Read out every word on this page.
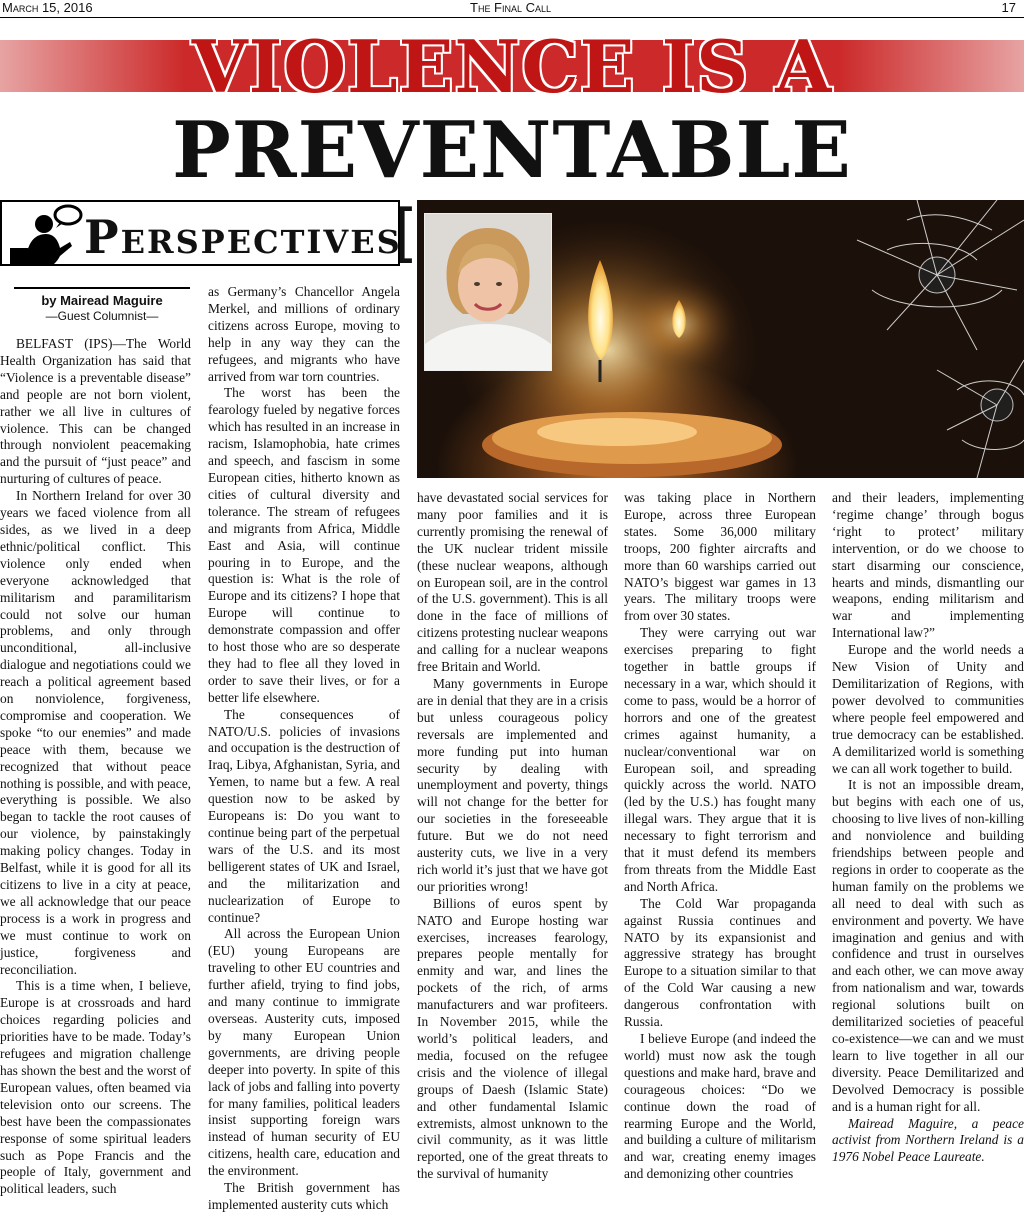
March 15, 2016	The Final Call	17
VIOLENCE IS A
PREVENTABLE
Perspectives
by Mairead Maguire
—Guest Columnist—

BELFAST (IPS)—The World Health Organization has said that “Violence is a preventable disease” and people are not born violent, rather we all live in cultures of violence. This can be changed through nonviolent peacemaking and the pursuit of “just peace” and nurturing of cultures of peace.

In Northern Ireland for over 30 years we faced violence from all sides, as we lived in a deep ethnic/political conflict. This violence only ended when everyone acknowledged that militarism and paramilitarism could not solve our human problems, and only through unconditional, all-inclusive dialogue and negotiations could we reach a political agreement based on nonviolence, forgiveness, compromise and cooperation. We spoke “to our enemies” and made peace with them, because we recognized that without peace nothing is possible, and with peace, everything is possible. We also began to tackle the root causes of our violence, by painstakingly making policy changes. Today in Belfast, while it is good for all its citizens to live in a city at peace, we all acknowledge that our peace process is a work in progress and we must continue to work on justice, forgiveness and reconciliation.

This is a time when, I believe, Europe is at crossroads and hard choices regarding policies and priorities have to be made. Today’s refugees and migration challenge has shown the best and the worst of European values, often beamed via television onto our screens. The best have been the compassionates response of some spiritual leaders such as Pope Francis and the people of Italy, government and political leaders, such

as Germany’s Chancellor Angela Merkel, and millions of ordinary citizens across Europe, moving to help in any way they can the refugees, and migrants who have arrived from war torn countries.

The worst has been the fearology fueled by negative forces which has resulted in an increase in racism, Islamophobia, hate crimes and speech, and fascism in some European cities, hitherto known as cities of cultural diversity and tolerance. The stream of refugees and migrants from Africa, Middle East and Asia, will continue pouring in to Europe, and the question is: What is the role of Europe and its citizens? I hope that Europe will continue to demonstrate compassion and offer to host those who are so desperate they had to flee all they loved in order to save their lives, or for a better life elsewhere.

The consequences of NATO/U.S. policies of invasions and occupation is the destruction of Iraq, Libya, Afghanistan, Syria, and Yemen, to name but a few. A real question now to be asked by Europeans is: Do you want to continue being part of the perpetual wars of the U.S. and its most belligerent states of UK and Israel, and the militarization and nuclearization of Europe to continue?

All across the European Union (EU) young Europeans are traveling to other EU countries and further afield, trying to find jobs, and many continue to immigrate overseas. Austerity cuts, imposed by many European Union governments, are driving people deeper into poverty. In spite of this lack of jobs and falling into poverty for many families, political leaders insist supporting foreign wars instead of human security of EU citizens, health care, education and the environment.

The British government has implemented austerity cuts which

have devastated social services for many poor families and it is currently promising the renewal of the UK nuclear trident missile (these nuclear weapons, although on European soil, are in the control of the U.S. government). This is all done in the face of millions of citizens protesting nuclear weapons and calling for a nuclear weapons free Britain and World.

Many governments in Europe are in denial that they are in a crisis but unless courageous policy reversals are implemented and more funding put into human security by dealing with unemployment and poverty, things will not change for the better for our societies in the foreseeable future. But we do not need austerity cuts, we live in a very rich world it’s just that we have got our priorities wrong!

Billions of euros spent by NATO and Europe hosting war exercises, increases fearology, prepares people mentally for enmity and war, and lines the pockets of the rich, of arms manufacturers and war profiteers. In November 2015, while the world’s political leaders, and media, focused on the refugee crisis and the violence of illegal groups of Daesh (Islamic State) and other fundamental Islamic extremists, almost unknown to the civil community, as it was little reported, one of the great threats to the survival of humanity

was taking place in Northern Europe, across three European states. Some 36,000 military troops, 200 fighter aircrafts and more than 60 warships carried out NATO’s biggest war games in 13 years. The military troops were from over 30 states.

They were carrying out war exercises preparing to fight together in battle groups if necessary in a war, which should it come to pass, would be a horror of horrors and one of the greatest crimes against humanity, a nuclear/conventional war on European soil, and spreading quickly across the world. NATO (led by the U.S.) has fought many illegal wars. They argue that it is necessary to fight terrorism and that it must defend its members from threats from the Middle East and North Africa.

The Cold War propaganda against Russia continues and NATO by its expansionist and aggressive strategy has brought Europe to a situation similar to that of the Cold War causing a new dangerous confrontation with Russia.

I believe Europe (and indeed the world) must now ask the tough questions and make hard, brave and courageous choices: “Do we continue down the road of rearming Europe and the World, and building a culture of militarism and war, creating enemy images and demonizing other countries

and their leaders, implementing ‘regime change’ through bogus ‘right to protect’ military intervention, or do we choose to start disarming our conscience, hearts and minds, dismantling our weapons, ending militarism and war and implementing International law?”

Europe and the world needs a New Vision of Unity and Demilitarization of Regions, with power devolved to communities where people feel empowered and true democracy can be established. A demilitarized world is something we can all work together to build.

It is not an impossible dream, but begins with each one of us, choosing to live lives of non-killing and nonviolence and building friendships between people and regions in order to cooperate as the human family on the problems we all need to deal with such as environment and poverty. We have imagination and genius and with confidence and trust in ourselves and each other, we can move away from nationalism and war, towards regional solutions built on demilitarized societies of peaceful co-existence—we can and we must learn to live together in all our diversity. Peace Demilitarized and Devolved Democracy is possible and is a human right for all.

Mairead Maguire, a peace activist from Northern Ireland is a 1976 Nobel Peace Laureate.
